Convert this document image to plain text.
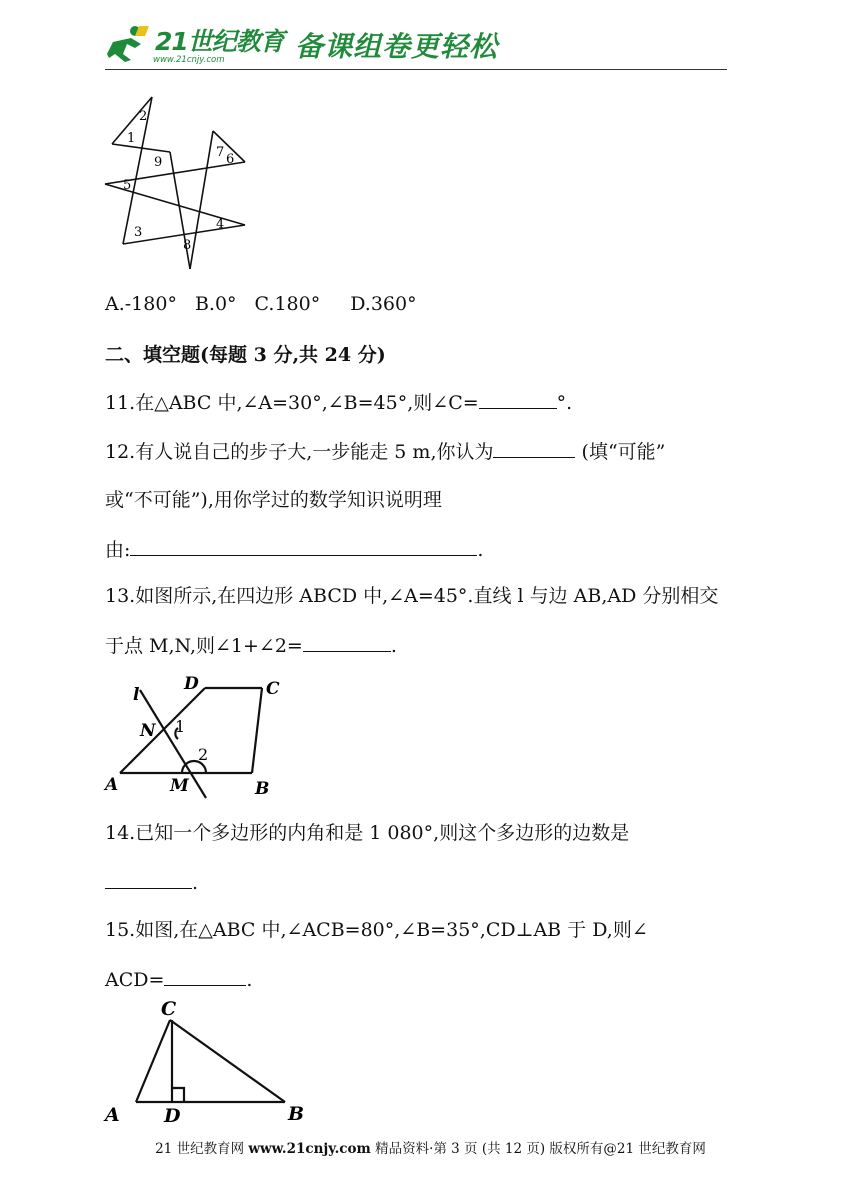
21世纪教育
www.21cnjy.com	备课组卷更轻松
1
2
3
4
5
6
7
8
9
A.-180° B.0° C.180° D.360°
二、填空题(每题 3 分,共 24 分)
11.在△ABC 中,∠A=30°,∠B=45°,则∠C=	°.
12.有人说自己的步子大,一步能走 5 m,你认为	(填“可能”
或“不可能”),用你学过的数学知识说明理
由:	.
13.如图所示,在四边形 ABCD 中,∠A=45°.直线 l 与边 AB,AD 分别相交
于点 M,N,则∠1+∠2=	.
l
D	C
N 1
2
A	M	B
14.已知一个多边形的内角和是 1 080°,则这个多边形的边数是
.
15.如图,在△ABC 中,∠ACB=80°,∠B=35°,CD⊥AB 于 D,则∠
ACD=	.
C
A D	B
21 世纪教育网 www.21cnjy.com 精品资料·第 3 页 (共 12 页) 版权所有@21 世纪教育网
